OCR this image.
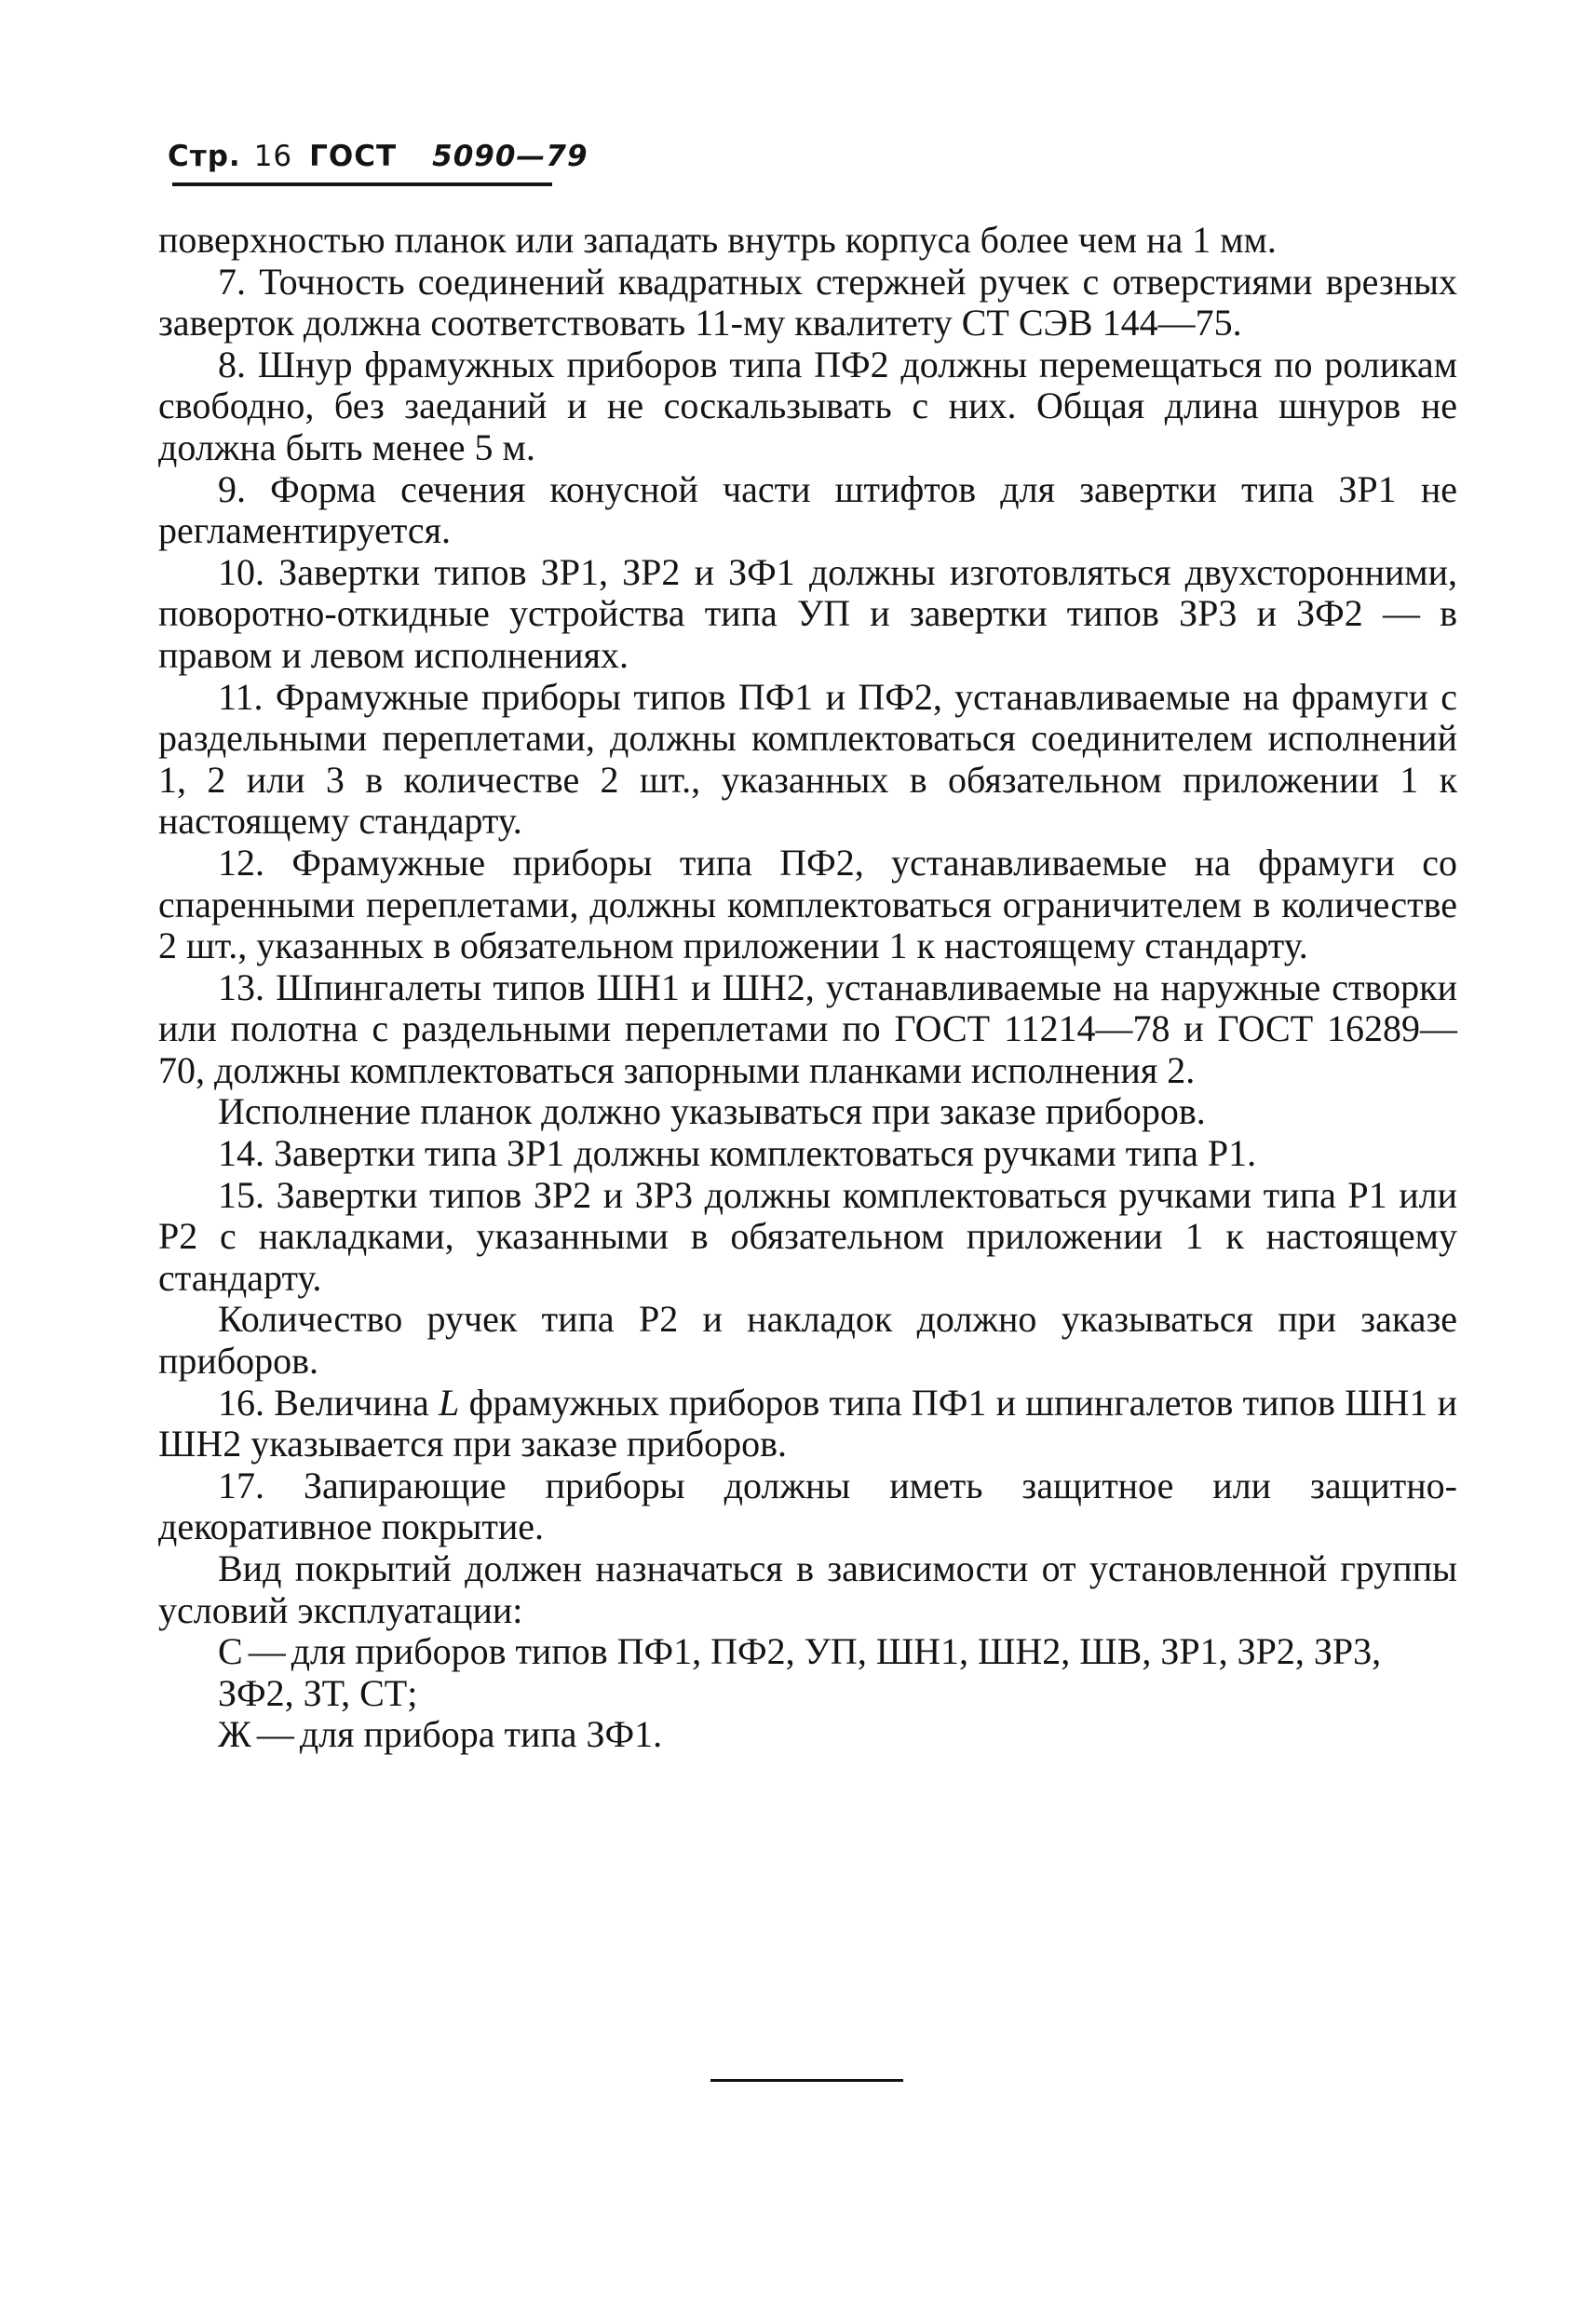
Стр. 16 ГОСТ 5090—79

поверхностью планок или западать внутрь корпуса более чем на 1 мм.

7. Точность соединений квадратных стержней ручек с отверстиями врезных заверток должна соответствовать 11-му квалитету СТ СЭВ 144—75.

8. Шнур фрамужных приборов типа ПФ2 должны перемещаться по роликам свободно, без заеданий и не соскальзывать с них. Общая длина шнуров не должна быть менее 5 м.

9. Форма сечения конусной части штифтов для завертки типа ЗР1 не регламентируется.

10. Завертки типов ЗР1, ЗР2 и ЗФ1 должны изготовляться двухсторонними, поворотно-откидные устройства типа УП и завертки типов ЗР3 и ЗФ2 — в правом и левом исполнениях.

11. Фрамужные приборы типов ПФ1 и ПФ2, устанавливаемые на фрамуги с раздельными переплетами, должны комплектоваться соединителем исполнений 1, 2 или 3 в количестве 2 шт., указанных в обязательном приложении 1 к настоящему стандарту.

12. Фрамужные приборы типа ПФ2, устанавливаемые на фрамуги со спаренными переплетами, должны комплектоваться ограничителем в количестве 2 шт., указанных в обязательном приложении 1 к настоящему стандарту.

13. Шпингалеты типов ШН1 и ШН2, устанавливаемые на наружные створки или полотна с раздельными переплетами по ГОСТ 11214—78 и ГОСТ 16289—70, должны комплектоваться запорными планками исполнения 2.

Исполнение планок должно указываться при заказе приборов.

14. Завертки типа ЗР1 должны комплектоваться ручками типа Р1.

15. Завертки типов ЗР2 и ЗР3 должны комплектоваться ручками типа Р1 или Р2 с накладками, указанными в обязательном приложении 1 к настоящему стандарту.

Количество ручек типа Р2 и накладок должно указываться при заказе приборов.

16. Величина L фрамужных приборов типа ПФ1 и шпингалетов типов ШН1 и ШН2 указывается при заказе приборов.

17. Запирающие приборы должны иметь защитное или защитно-декоративное покрытие.

Вид покрытий должен назначаться в зависимости от установленной группы условий эксплуатации:

С — для приборов типов ПФ1, ПФ2, УП, ШН1, ШН2, ШВ, ЗР1, ЗР2, ЗР3, ЗФ2, ЗТ, СТ;

Ж — для прибора типа ЗФ1.
